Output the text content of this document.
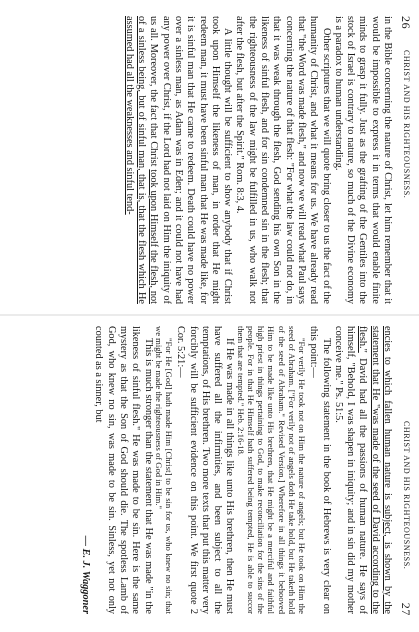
26
CHRIST AND HIS RIGHTEOUSNESS.

in the Bible concerning the nature of Christ, let him remember that it would be impossible to express it in terms that would enable finite minds to grasp it fully. Just as the grafting of the Gentiles into the stock of Israel is contrary to nature, so much of the Divine economy is a paradox to human understanding.

Other scriptures that we will quote bring closer to us the fact of the humanity of Christ, and what it means for us. We have already read that "the Word was made flesh," and now we will read what Paul says concerning the nature of that flesh: "For what the law could not do, in that it was weak through the flesh, God sending his own Son in the likeness of sinful flesh, and for sin condemned sin in the flesh; that the righteousness of the law might be fulfilled in us, who walk not after the flesh, but after the Spirit." Rom. 8:3, 4.

A little thought will be sufficient to show anybody that if Christ took upon Himself the likeness of man, in order that He might redeem man, it must have been sinful man that He was made like, for it is sinful man that He came to redeem. Death could have no power over a sinless man, as Adam was in Eden; and it could not have had any power over Christ, if the Lord had not laid on Him the iniquity of us all. Moreover, the fact that Christ took upon Himself the flesh, not of a sinless being, but of sinful man, that is, that the flesh which He assumed had all the weaknesses and sinful tend-

CHRIST AND HIS RIGHTEOUSNESS.
27

encies to which fallen human nature is subject, is shown by the statement that He "was made of the seed of David according to the flesh." David had all the passions of human nature. He says of himself, "Behold, I was shapen in iniquity; and in sin did my mother conceive me." Ps. 51:5.

The following statement in the book of Hebrews is very clear on this point:—

"For verily He took not on Him the nature of angels; but He took on Him the seed of Abraham. ["For verily not of angels doth He take hold, but He taketh hold of the seed of Abraham." Revised Version.] Wherefore in all things it behooved Him to be made like unto His brethren, that He might be a merciful and faithful high priest in things pertaining to God, to make reconciliation for the sins of the people. For in that He Himself hath suffered being tempted, He is able to succor them that are tempted." Heb. 2:16-18.

If He was made in all things like unto His brethren, then He must have suffered all the infirmities, and been subject to all the temptations, of His brethren. Two more texts that put this matter very forcibly will be sufficient evidence on this point. We first quote 2 Cor. 5:21:—

"For He [God] hath made Him [Christ] to be sin for us, who knew no sin; that we might be made the righteousness of God in Him."

This is much stronger than the statement that He was made "in the likeness of sinful flesh." He was made to be sin. Here is the same mystery as that the Son of God should die. The spotless Lamb of God, who knew no sin, was made to be sin. Sinless, yet not only counted as a sinner, but

— E. J. Waggoner
